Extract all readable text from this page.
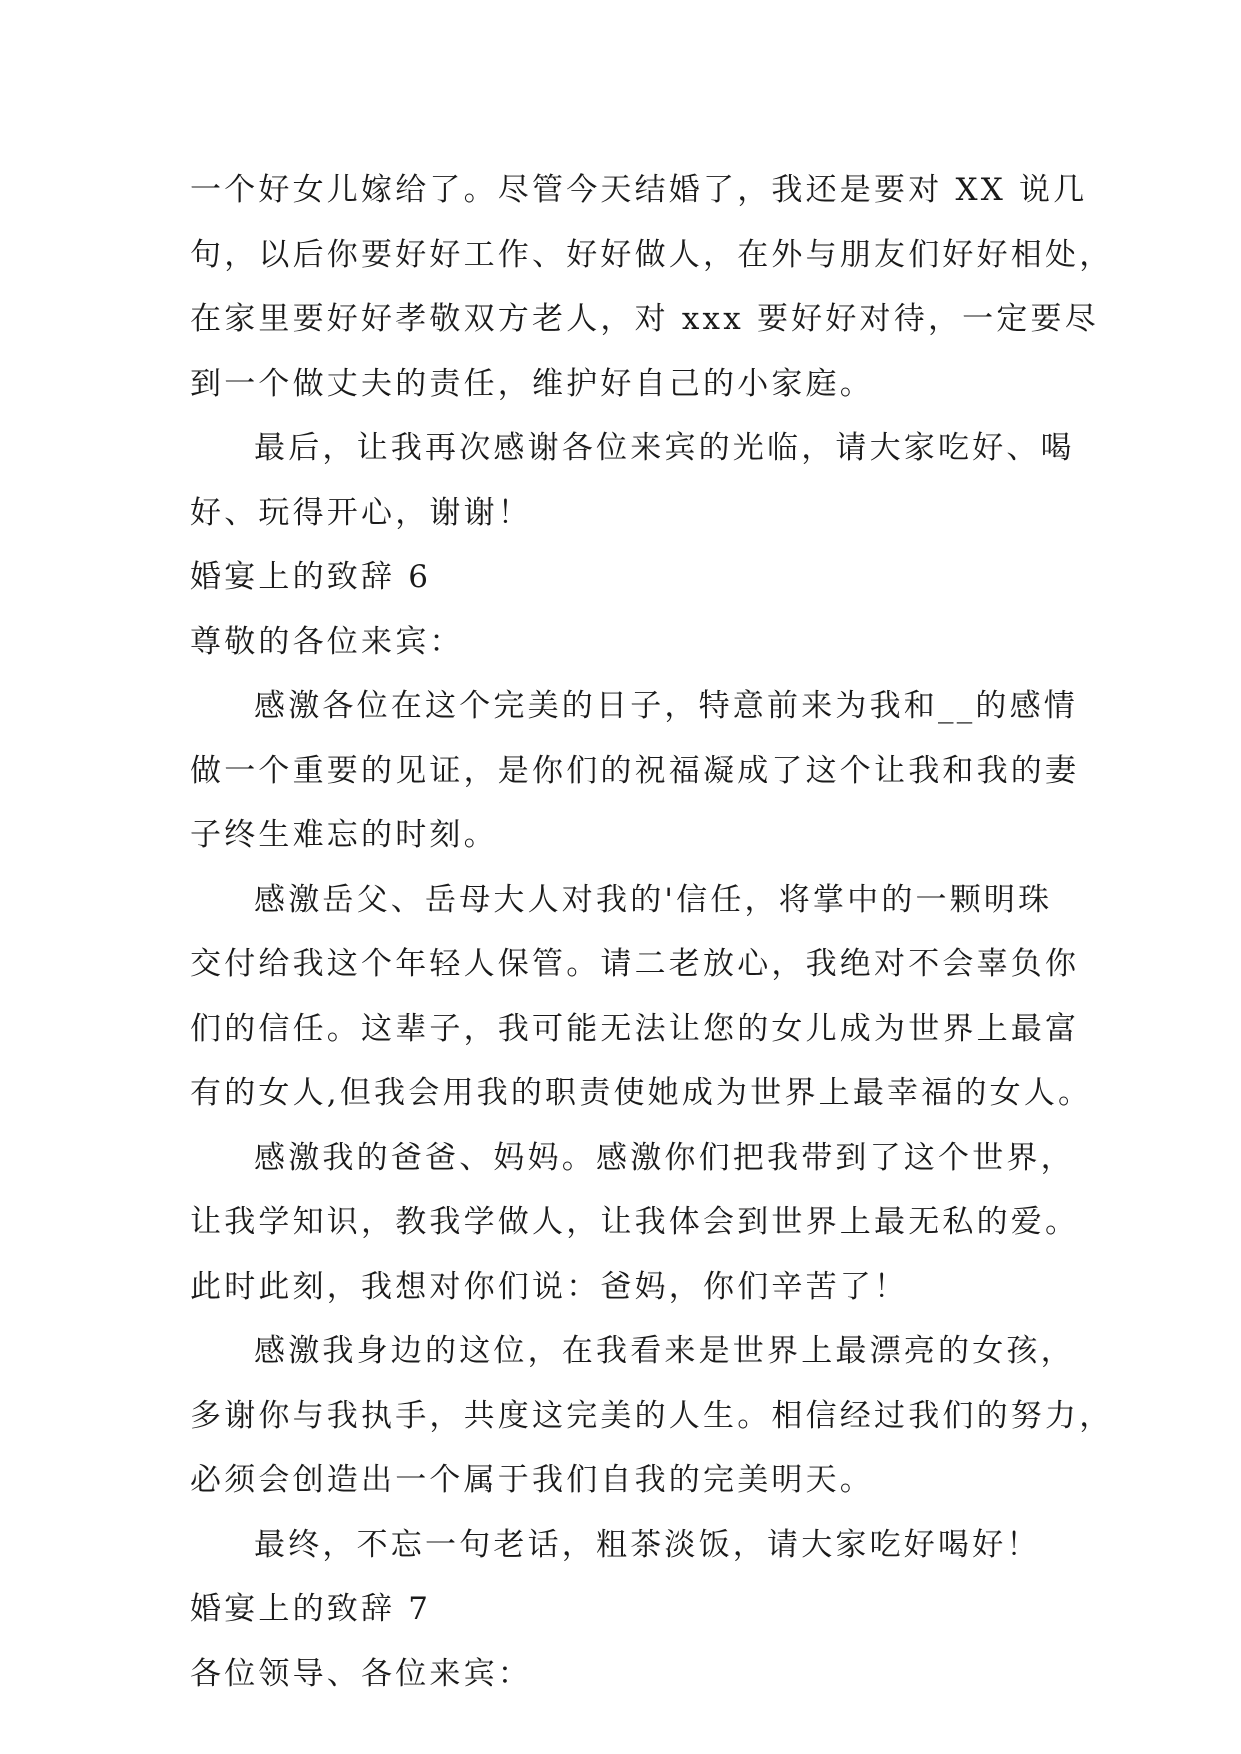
一个好女儿嫁给了。尽管今天结婚了，我还是要对 XX 说几
句，以后你要好好工作、好好做人，在外与朋友们好好相处，
在家里要好好孝敬双方老人，对 xxx 要好好对待，一定要尽
到一个做丈夫的责任，维护好自己的小家庭。
最后，让我再次感谢各位来宾的光临，请大家吃好、喝
好、玩得开心，谢谢！
婚宴上的致辞 6
尊敬的各位来宾：
感激各位在这个完美的日子，特意前来为我和__的感情
做一个重要的见证，是你们的祝福凝成了这个让我和我的妻
子终生难忘的时刻。
感激岳父、岳母大人对我的'信任，将掌中的一颗明珠
交付给我这个年轻人保管。请二老放心，我绝对不会辜负你
们的信任。这辈子，我可能无法让您的女儿成为世界上最富
有的女人,但我会用我的职责使她成为世界上最幸福的女人。
感激我的爸爸、妈妈。感激你们把我带到了这个世界，
让我学知识，教我学做人，让我体会到世界上最无私的爱。
此时此刻，我想对你们说：爸妈，你们辛苦了！
感激我身边的这位，在我看来是世界上最漂亮的女孩，
多谢你与我执手，共度这完美的人生。相信经过我们的努力，
必须会创造出一个属于我们自我的完美明天。
最终，不忘一句老话，粗茶淡饭，请大家吃好喝好！
婚宴上的致辞 7
各位领导、各位来宾：
